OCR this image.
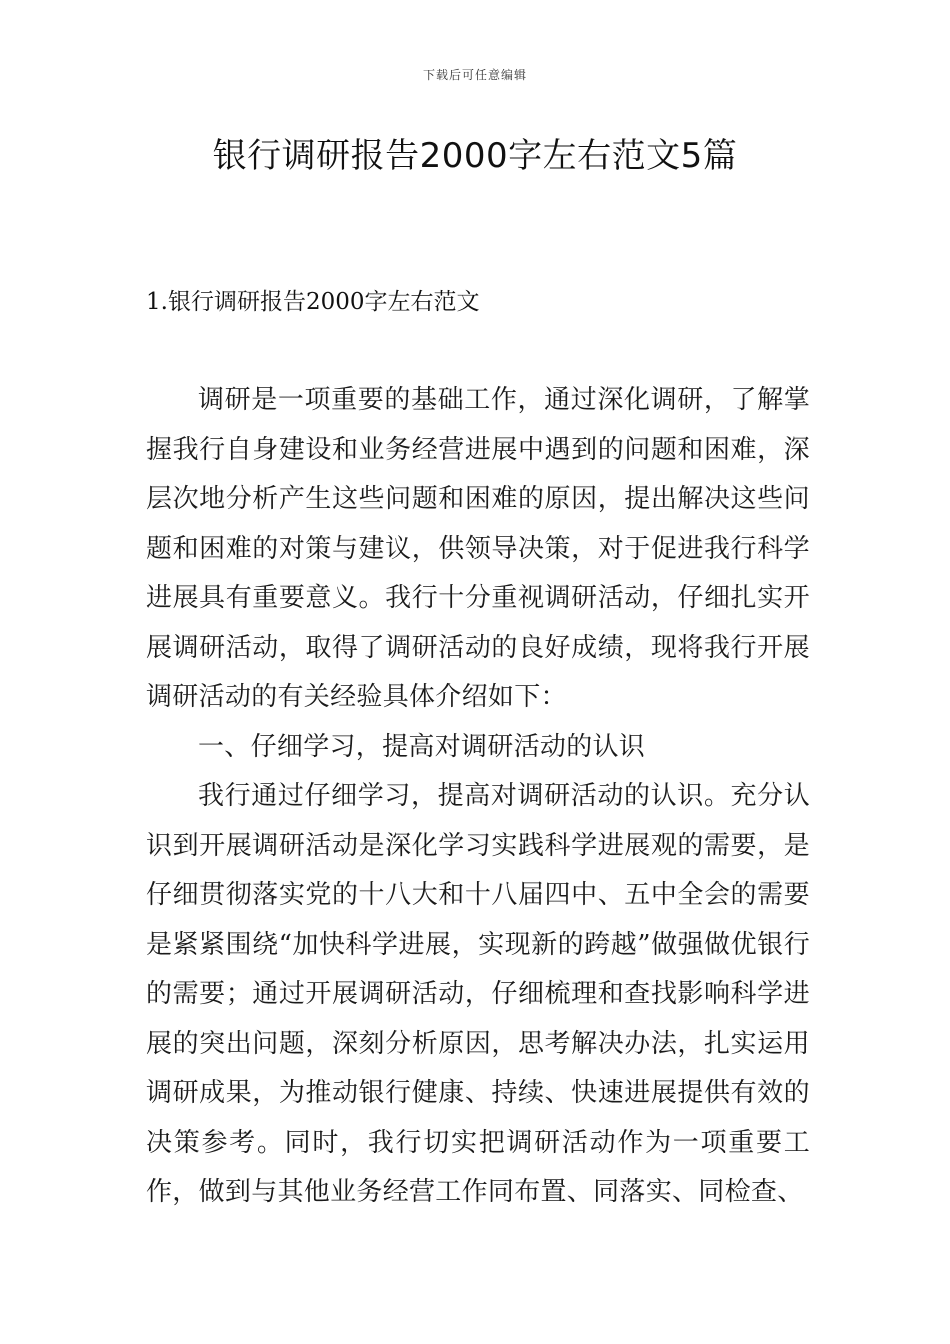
下载后可任意编辑
银行调研报告2000字左右范文5篇
1.银行调研报告2000字左右范文

调研是一项重要的基础工作，通过深化调研，了解掌握我行自身建设和业务经营进展中遇到的问题和困难，深层次地分析产生这些问题和困难的原因，提出解决这些问题和困难的对策与建议，供领导决策，对于促进我行科学进展具有重要意义。我行十分重视调研活动，仔细扎实开展调研活动，取得了调研活动的良好成绩，现将我行开展调研活动的有关经验具体介绍如下：

一、仔细学习，提高对调研活动的认识

我行通过仔细学习，提高对调研活动的认识。充分认识到开展调研活动是深化学习实践科学进展观的需要，是仔细贯彻落实党的十八大和十八届四中、五中全会的需要是紧紧围绕“加快科学进展，实现新的跨越”做强做优银行的需要；通过开展调研活动，仔细梳理和查找影响科学进展的突出问题，深刻分析原因，思考解决办法，扎实运用调研成果，为推动银行健康、持续、快速进展提供有效的决策参考。同时，我行切实把调研活动作为一项重要工作，做到与其他业务经营工作同布置、同落实、同检查、
